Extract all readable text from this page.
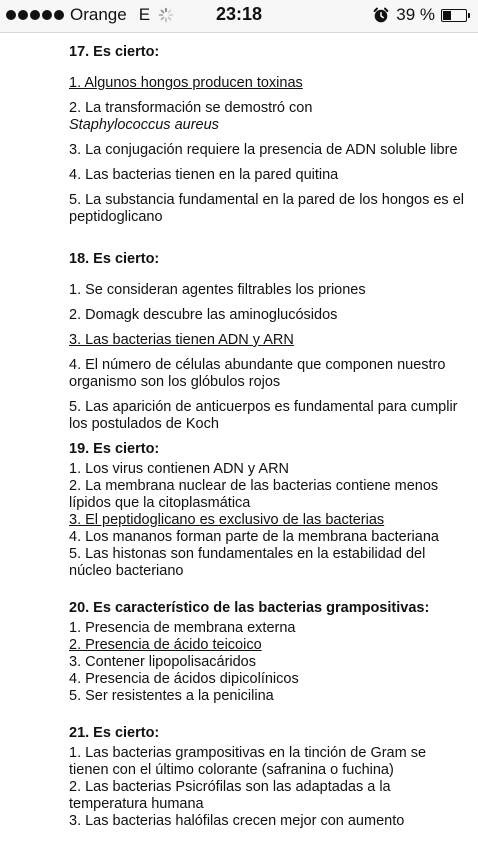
Orange E	23:18	39 %
17. Es cierto:
1. Algunos hongos producen toxinas
2. La transformación se demostró con
Staphylococcus aureus
3. La conjugación requiere la presencia de ADN soluble libre
4. Las bacterias tienen en la pared quitina
5. La substancia fundamental en la pared de los hongos es el peptidoglicano
18. Es cierto:
1. Se consideran agentes filtrables los priones
2. Domagk descubre las aminoglucósidos
3. Las bacterias tienen ADN y ARN
4. El número de células abundante que componen nuestro organismo son los glóbulos rojos
5. Las aparición de anticuerpos es fundamental para cumplir los postulados de Koch
19. Es cierto:
1. Los virus contienen ADN y ARN
2. La membrana nuclear de las bacterias contiene menos lípidos que la citoplasmática
3. El peptidoglicano es exclusivo de las bacterias
4. Los mananos forman parte de la membrana bacteriana
5. Las histonas son fundamentales en la estabilidad del núcleo bacteriano
20. Es característico de las bacterias grampositivas:
1. Presencia de membrana externa
2. Presencia de ácido teicoico
3. Contener lipopolisacáridos
4. Presencia de ácidos dipicolínicos
5. Ser resistentes a la penicilina
21. Es cierto:
1. Las bacterias grampositivas en la tinción de Gram se tienen con el último colorante (safranina o fuchina)
2. Las bacterias Psicrófilas son las adaptadas a la temperatura humana
3. Las bacterias halófilas crecen mejor con aumento
